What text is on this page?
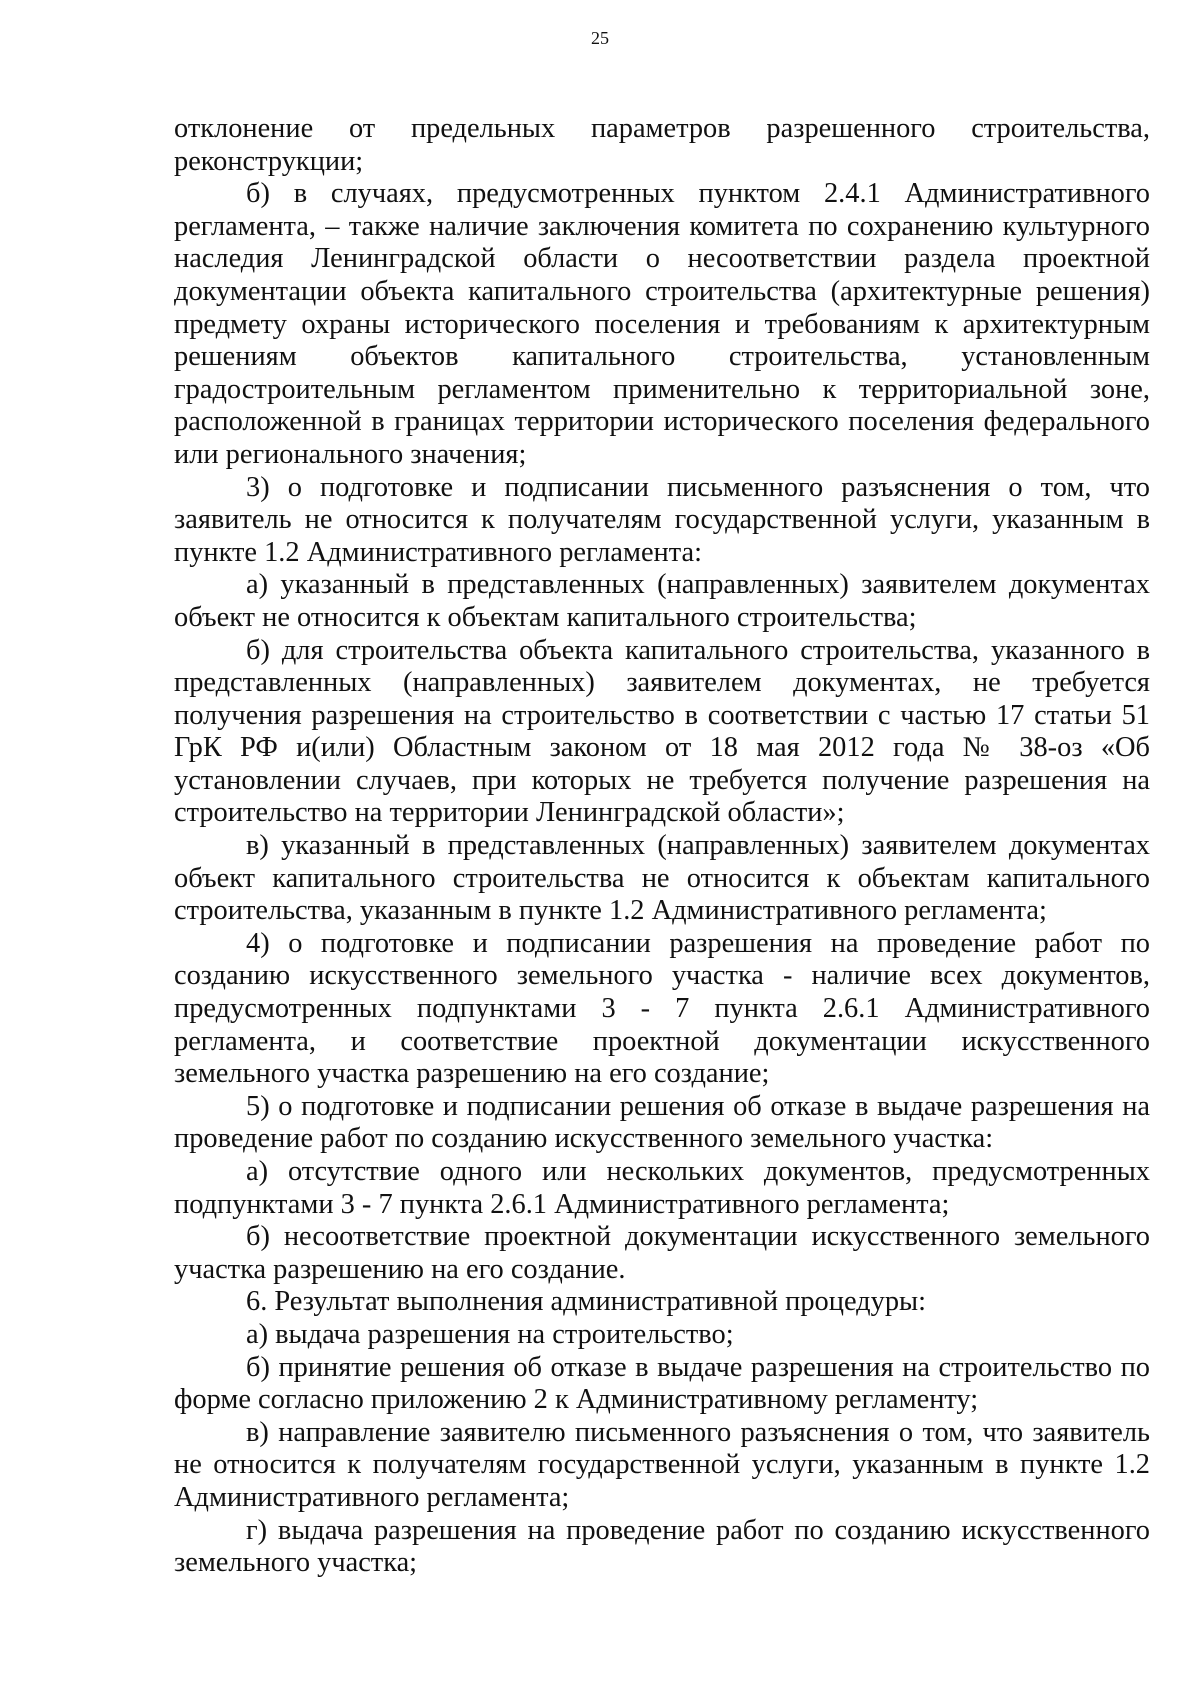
25

отклонение от предельных параметров разрешенного строительства, реконструкции;

б) в случаях, предусмотренных пунктом 2.4.1 Административного регламента, – также наличие заключения комитета по сохранению культурного наследия Ленинградской области о несоответствии раздела проектной документации объекта капитального строительства (архитектурные решения) предмету охраны исторического поселения и требованиям к архитектурным решениям объектов капитального строительства, установленным градостроительным регламентом применительно к территориальной зоне, расположенной в границах территории исторического поселения федерального или регионального значения;

3) о подготовке и подписании письменного разъяснения о том, что заявитель не относится к получателям государственной услуги, указанным в пункте 1.2 Административного регламента:

а) указанный в представленных (направленных) заявителем документах объект не относится к объектам капитального строительства;

б) для строительства объекта капитального строительства, указанного в представленных (направленных) заявителем документах, не требуется получения разрешения на строительство в соответствии с частью 17 статьи 51 ГрК РФ и(или) Областным законом от 18 мая 2012 года № 38-оз «Об установлении случаев, при которых не требуется получение разрешения на строительство на территории Ленинградской области»;

в) указанный в представленных (направленных) заявителем документах объект капитального строительства не относится к объектам капитального строительства, указанным в пункте 1.2 Административного регламента;

4) о подготовке и подписании разрешения на проведение работ по созданию искусственного земельного участка - наличие всех документов, предусмотренных подпунктами 3 - 7 пункта 2.6.1 Административного регламента, и соответствие проектной документации искусственного земельного участка разрешению на его создание;

5) о подготовке и подписании решения об отказе в выдаче разрешения на проведение работ по созданию искусственного земельного участка:

а) отсутствие одного или нескольких документов, предусмотренных подпунктами 3 - 7 пункта 2.6.1 Административного регламента;

б) несоответствие проектной документации искусственного земельного участка разрешению на его создание.

6. Результат выполнения административной процедуры:

а) выдача разрешения на строительство;

б) принятие решения об отказе в выдаче разрешения на строительство по форме согласно приложению 2 к Административному регламенту;

в) направление заявителю письменного разъяснения о том, что заявитель не относится к получателям государственной услуги, указанным в пункте 1.2 Административного регламента;

г) выдача разрешения на проведение работ по созданию искусственного земельного участка;
